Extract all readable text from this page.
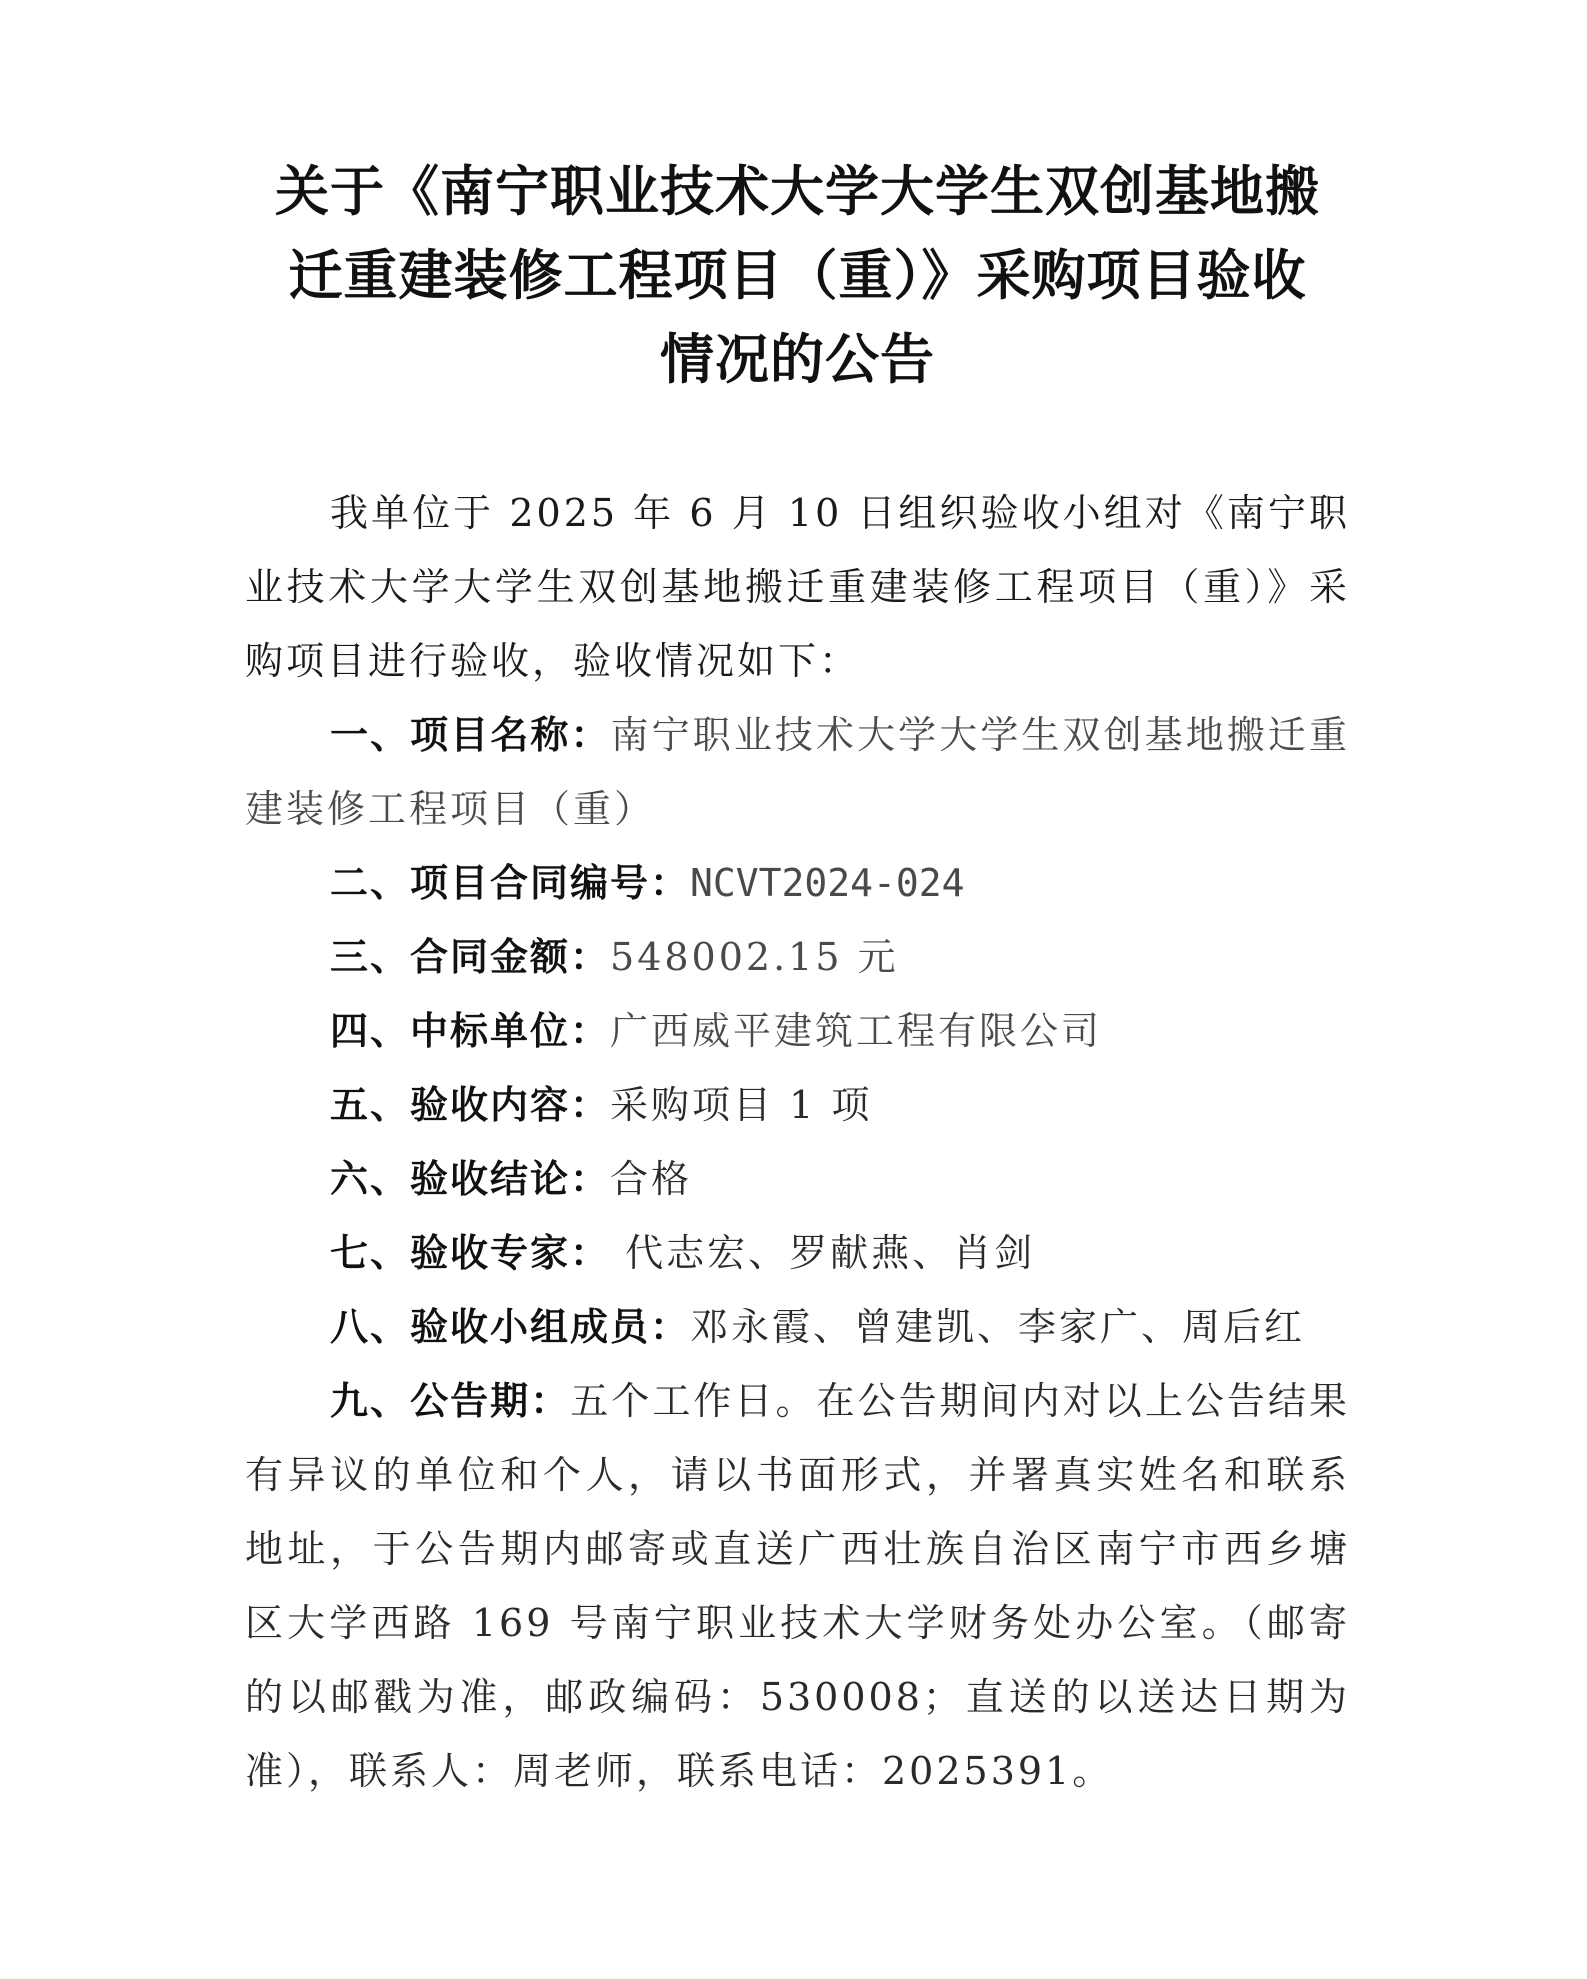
关于《南宁职业技术大学大学生双创基地搬
迁重建装修工程项目（重）》采购项目验收
情况的公告

我单位于 2025 年 6 月 10 日组织验收小组对《南宁职业技术大学大学生双创基地搬迁重建装修工程项目（重）》采购项目进行验收，验收情况如下：

一、项目名称：南宁职业技术大学大学生双创基地搬迁重建装修工程项目（重）

二、项目合同编号：NCVT2024-024

三、合同金额：548002.15 元

四、中标单位：广西威平建筑工程有限公司

五、验收内容：采购项目 1 项

六、验收结论：合格

七、验收专家： 代志宏、罗献燕、肖剑

八、验收小组成员：邓永霞、曾建凯、李家广、周后红

九、公告期：五个工作日。在公告期间内对以上公告结果有异议的单位和个人，请以书面形式，并署真实姓名和联系地址，于公告期内邮寄或直送广西壮族自治区南宁市西乡塘区大学西路 169 号南宁职业技术大学财务处办公室。（邮寄的以邮戳为准，邮政编码：530008；直送的以送达日期为准），联系人：周老师，联系电话：2025391。
